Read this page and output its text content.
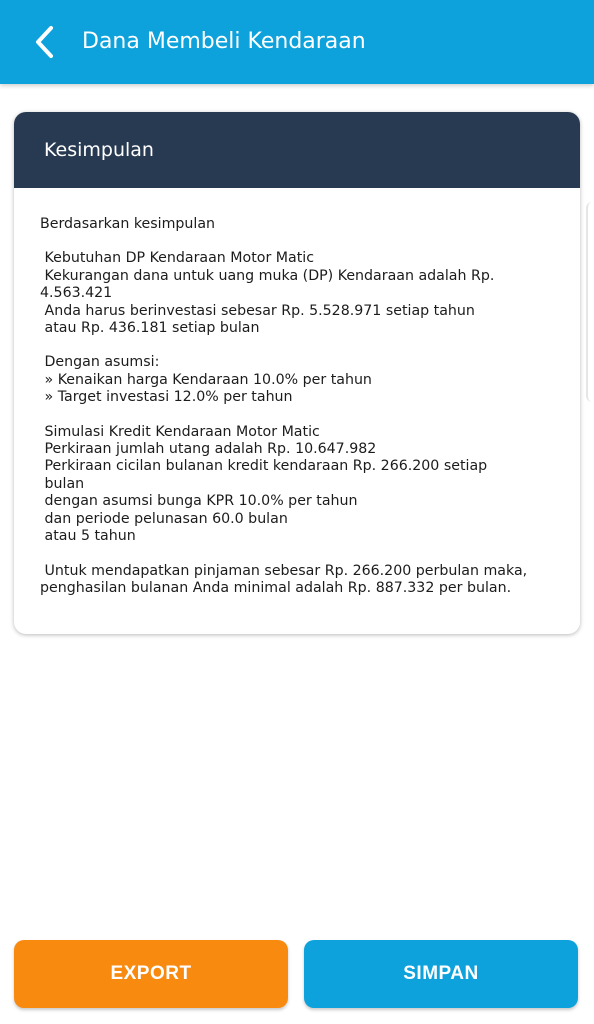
Dana Membeli Kendaraan
Kesimpulan

Berdasarkan kesimpulan

Kebutuhan DP Kendaraan Motor Matic
Kekurangan dana untuk uang muka (DP) Kendaraan adalah Rp.
4.563.421
Anda harus berinvestasi sebesar Rp. 5.528.971 setiap tahun
atau Rp. 436.181 setiap bulan

Dengan asumsi:
» Kenaikan harga Kendaraan 10.0% per tahun
» Target investasi 12.0% per tahun

Simulasi Kredit Kendaraan Motor Matic
Perkiraan jumlah utang adalah Rp. 10.647.982
Perkiraan cicilan bulanan kredit kendaraan Rp. 266.200 setiap
bulan
dengan asumsi bunga KPR 10.0% per tahun
dan periode pelunasan 60.0 bulan
atau 5 tahun

Untuk mendapatkan pinjaman sebesar Rp. 266.200 perbulan maka,
penghasilan bulanan Anda minimal adalah Rp. 887.332 per bulan.

EXPORT	SIMPAN
